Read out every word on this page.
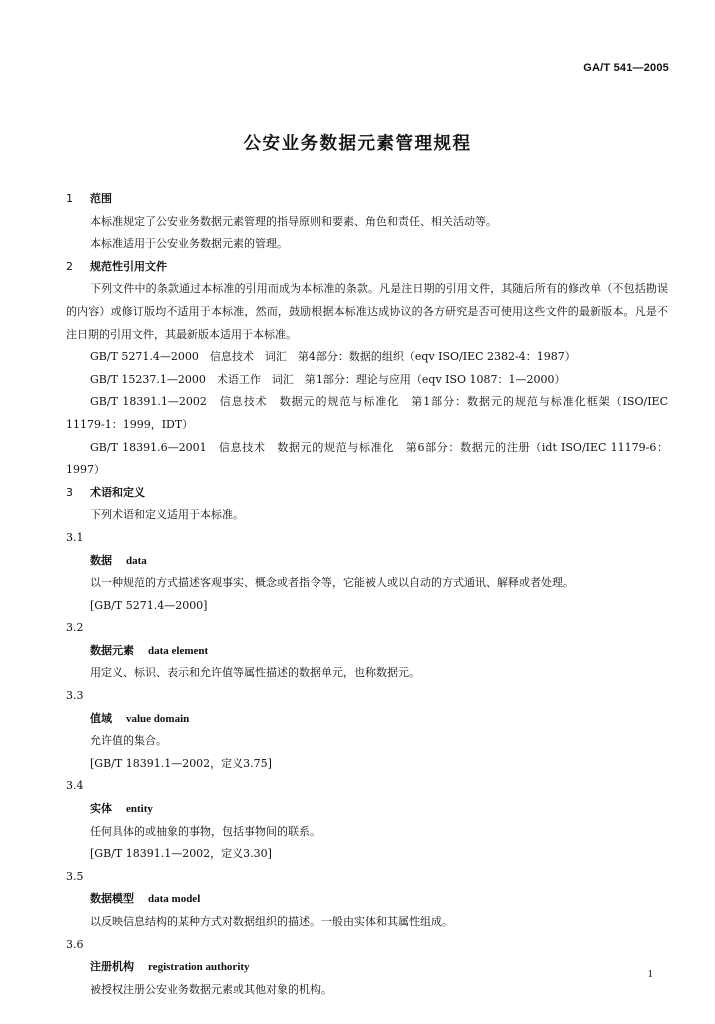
GA/T 541—2005
公安业务数据元素管理规程
1 范围
本标准规定了公安业务数据元素管理的指导原则和要素、角色和责任、相关活动等。
本标准适用于公安业务数据元素的管理。
2 规范性引用文件
下列文件中的条款通过本标准的引用而成为本标准的条款。凡是注日期的引用文件，其随后所有的修改单（不包括勘误的内容）或修订版均不适用于本标准，然而，鼓励根据本标准达成协议的各方研究是否可使用这些文件的最新版本。凡是不注日期的引用文件，其最新版本适用于本标准。
GB/T 5271.4—2000　信息技术　词汇　第4部分：数据的组织（eqv ISO/IEC 2382-4：1987）
GB/T 15237.1—2000　术语工作　词汇　第1部分：理论与应用（eqv ISO 1087：1—2000）
GB/T 18391.1—2002　信息技术　数据元的规范与标准化　第1部分：数据元的规范与标准化框架（ISO/IEC 11179-1：1999，IDT）
GB/T 18391.6—2001　信息技术　数据元的规范与标准化　第6部分：数据元的注册（idt ISO/IEC 11179-6：1997）
3 术语和定义
下列术语和定义适用于本标准。
3.1
数据 data
以一种规范的方式描述客观事实、概念或者指令等，它能被人或以自动的方式通讯、解释或者处理。
[GB/T 5271.4—2000]
3.2
数据元素 data element
用定义、标识、表示和允许值等属性描述的数据单元，也称数据元。
3.3
值域 value domain
允许值的集合。
[GB/T 18391.1—2002，定义3.75]
3.4
实体 entity
任何具体的或抽象的事物，包括事物间的联系。
[GB/T 18391.1—2002，定义3.30]
3.5
数据模型 data model
以反映信息结构的某种方式对数据组织的描述。一般由实体和其属性组成。
3.6
注册机构 registration authority
被授权注册公安业务数据元素或其他对象的机构。
1
